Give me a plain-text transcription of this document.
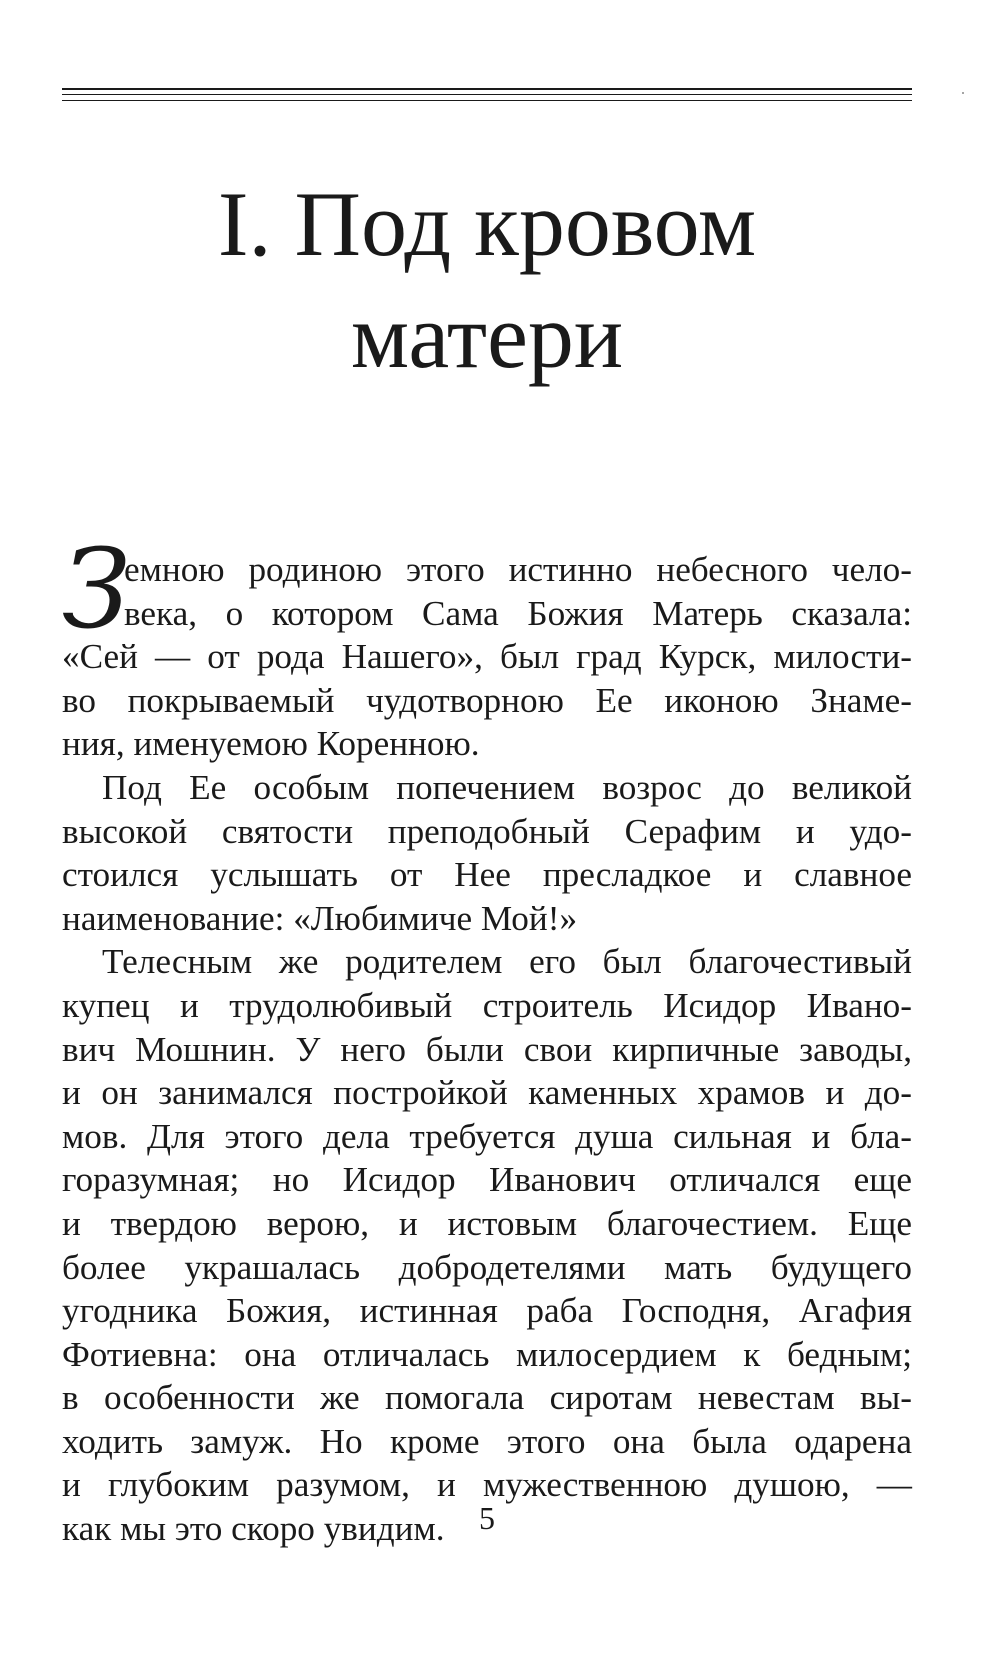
I. Под кровом
матери
З
емною родиною этого истинно небесного чело-
века, о котором Сама Божия Матерь сказала:
«Сей — от рода Нашего», был град Курск, милости-
во покрываемый чудотворною Ее иконою Знаме-
ния, именуемою Коренною.
Под Ее особым попечением возрос до великой
высокой святости преподобный Серафим и удо-
стоился услышать от Нее пресладкое и славное
наименование: «Любимиче Мой!»
Телесным же родителем его был благочестивый
купец и трудолюбивый строитель Исидор Ивано-
вич Мошнин. У него были свои кирпичные заводы,
и он занимался постройкой каменных храмов и до-
мов. Для этого дела требуется душа сильная и бла-
горазумная; но Исидор Иванович отличался еще
и твердою верою, и истовым благочестием. Еще
более украшалась добродетелями мать будущего
угодника Божия, истинная раба Господня, Агафия
Фотиевна: она отличалась милосердием к бедным;
в особенности же помогала сиротам невестам вы-
ходить замуж. Но кроме этого она была одарена
и глубоким разумом, и мужественною душою, —
как мы это скоро увидим.	5
